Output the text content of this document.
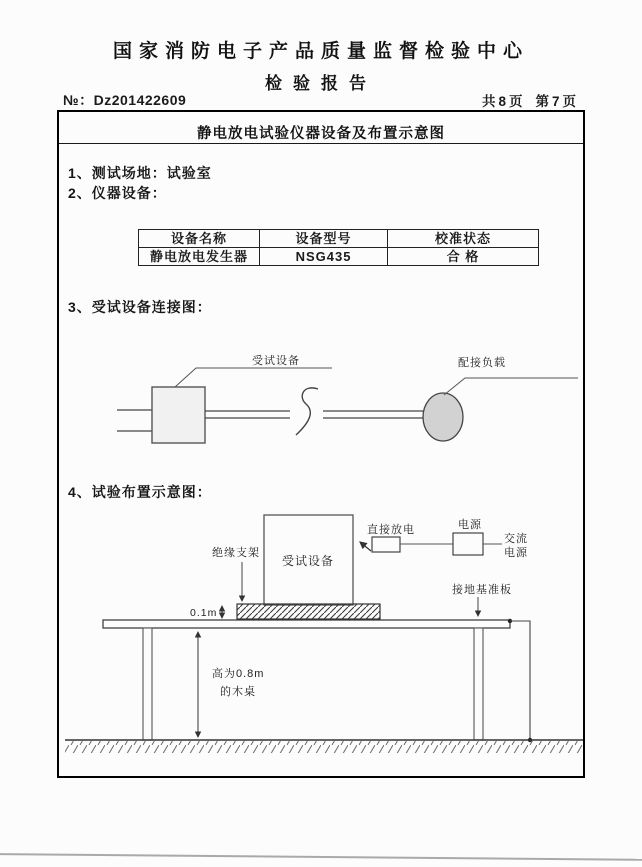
国家消防电子产品质量监督检验中心
检验报告
№：Dz201422609	共8页 第7页
静电放电试验仪器设备及布置示意图
1、测试场地：试验室
2、仪器设备：
设备名称	设备型号	校准状态
静电放电发生器	NSG435	合 格
3、受试设备连接图：
受试设备	配接负载
4、试验布置示意图：
受试设备
绝缘支架
0.1m
直接放电	电源
交流
电源
接地基准板
高为0.8m
的木桌
